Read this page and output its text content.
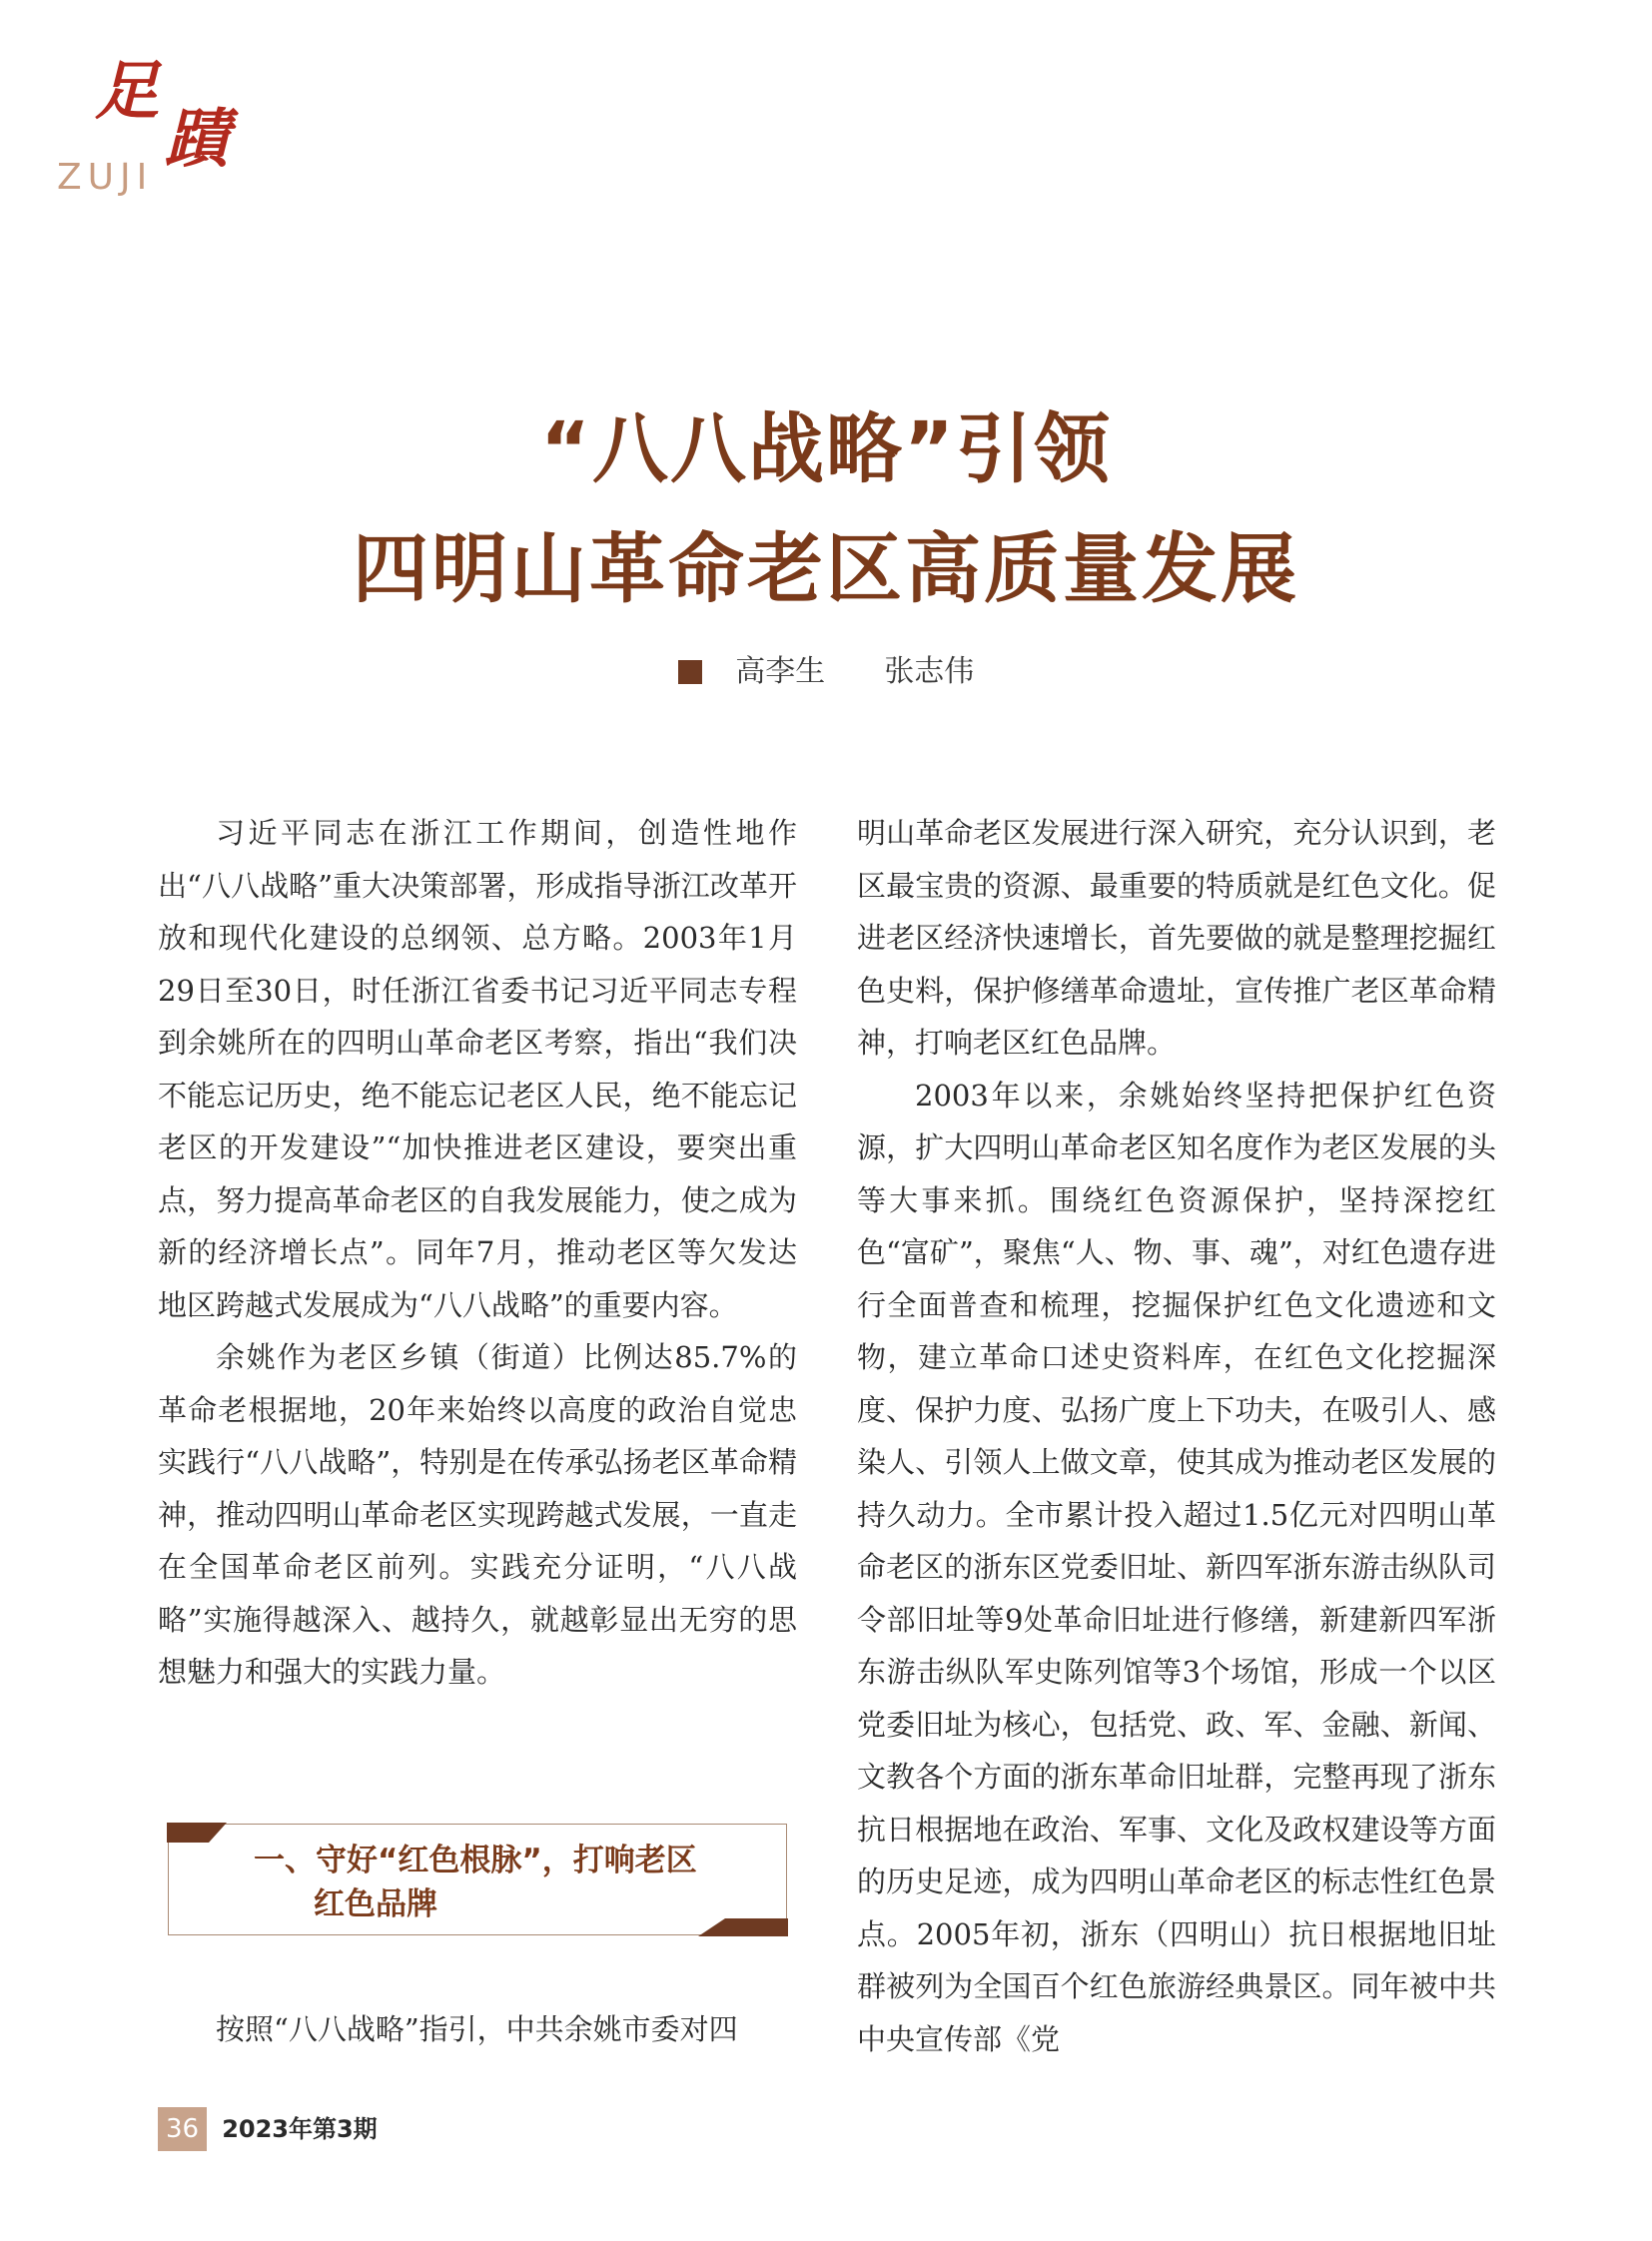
足
蹟
ZUJI
“八八战略”引领
四明山革命老区高质量发展
高李生 张志伟

习近平同志在浙江工作期间，创造性地作出“八八战略”重大决策部署，形成指导浙江改革开放和现代化建设的总纲领、总方略。2003年1月29日至30日，时任浙江省委书记习近平同志专程到余姚所在的四明山革命老区考察，指出“我们决不能忘记历史，绝不能忘记老区人民，绝不能忘记老区的开发建设”“加快推进老区建设，要突出重点，努力提高革命老区的自我发展能力，使之成为新的经济增长点”。同年7月，推动老区等欠发达地区跨越式发展成为“八八战略”的重要内容。

余姚作为老区乡镇（街道）比例达85.7%的革命老根据地，20年来始终以高度的政治自觉忠实践行“八八战略”，特别是在传承弘扬老区革命精神，推动四明山革命老区实现跨越式发展，一直走在全国革命老区前列。实践充分证明，“八八战略”实施得越深入、越持久，就越彰显出无穷的思想魅力和强大的实践力量。

一、守好“红色根脉”，打响老区
红色品牌

按照“八八战略”指引，中共余姚市委对四

明山革命老区发展进行深入研究，充分认识到，老区最宝贵的资源、最重要的特质就是红色文化。促进老区经济快速增长，首先要做的就是整理挖掘红色史料，保护修缮革命遗址，宣传推广老区革命精神，打响老区红色品牌。

2003年以来，余姚始终坚持把保护红色资源，扩大四明山革命老区知名度作为老区发展的头等大事来抓。围绕红色资源保护，坚持深挖红色“富矿”，聚焦“人、物、事、魂”，对红色遗存进行全面普查和梳理，挖掘保护红色文化遗迹和文物，建立革命口述史资料库，在红色文化挖掘深度、保护力度、弘扬广度上下功夫，在吸引人、感染人、引领人上做文章，使其成为推动老区发展的持久动力。全市累计投入超过1.5亿元对四明山革命老区的浙东区党委旧址、新四军浙东游击纵队司令部旧址等9处革命旧址进行修缮，新建新四军浙东游击纵队军史陈列馆等3个场馆，形成一个以区党委旧址为核心，包括党、政、军、金融、新闻、文教各个方面的浙东革命旧址群，完整再现了浙东抗日根据地在政治、军事、文化及政权建设等方面的历史足迹，成为四明山革命老区的标志性红色景点。2005年初，浙东（四明山）抗日根据地旧址群被列为全国百个红色旅游经典景区。同年被中共中央宣传部《党

36 2023年第3期
